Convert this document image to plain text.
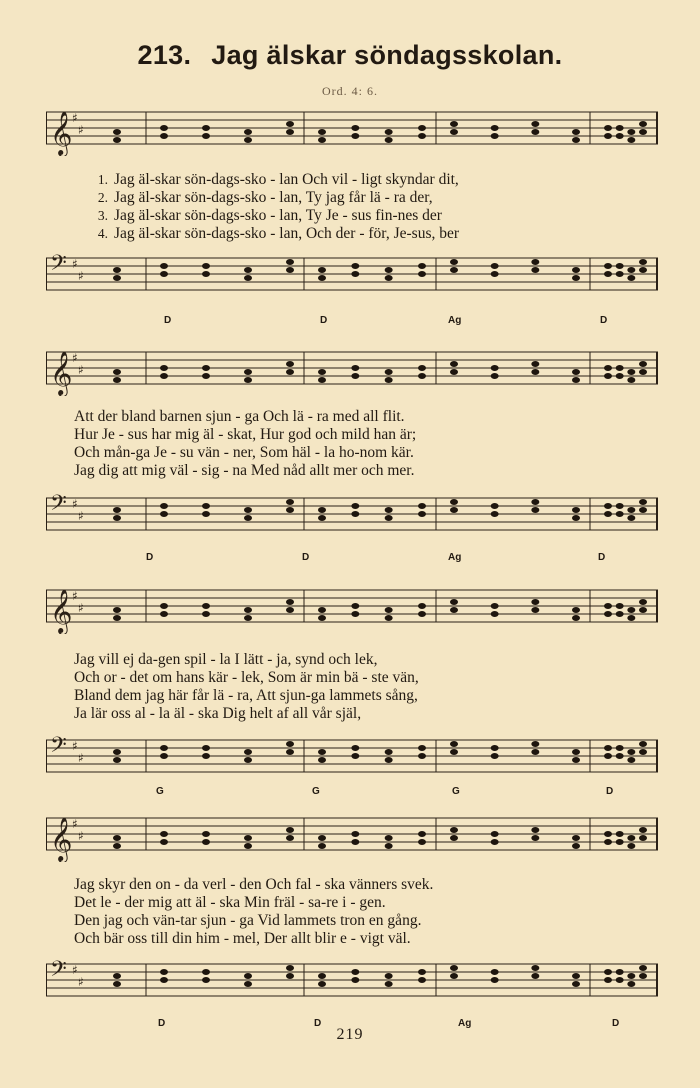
213. Jag älskar söndagsskolan.
Ord. 4: 6.
𝄞 ♯
♯
1. Jag äl-skar sön-dags-sko - lan Och vil - ligt skyndar dit,
2. Jag äl-skar sön-dags-sko - lan, Ty jag får lä - ra der,
3. Jag äl-skar sön-dags-sko - lan, Ty Je - sus fin-nes der
4. Jag äl-skar sön-dags-sko - lan, Och der - för, Je-sus, ber
𝄢 ♯
♯
D	D	Ag	D
𝄞 ♯
♯
Att der bland barnen sjun - ga Och lä - ra med all flit.
Hur Je - sus har mig äl - skat, Hur god och mild han är;
Och mån-ga Je - su vän - ner, Som häl - la ho-nom kär.
Jag dig att mig väl - sig - na Med nåd allt mer och mer.
𝄢 ♯
♯
D	D	Ag	D
𝄞 ♯
♯
Jag vill ej da-gen spil - la I lätt - ja, synd och lek,
Och or - det om hans kär - lek, Som är min bä - ste vän,
Bland dem jag här får lä - ra, Att sjun-ga lammets sång,
Ja lär oss al - la äl - ska Dig helt af all vår själ,
𝄢 ♯
♯
G	G	G	D
𝄞 ♯
♯
Jag skyr den on - da verl - den Och fal - ska vänners svek.
Det le - der mig att äl - ska Min fräl - sa-re i - gen.
Den jag och vän-tar sjun - ga Vid lammets tron en gång.
Och bär oss till din him - mel, Der allt blir e - vigt väl.
𝄢 ♯
♯
D	D	Ag	D
219
